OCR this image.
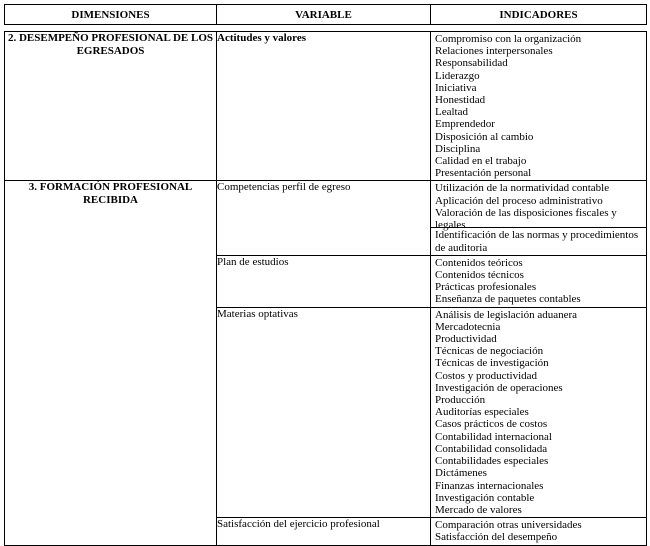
DIMENSIONES	VARIABLE	INDICADORES
2. DESEMPEÑO PROFESIONAL DE LOS EGRESADOS	Actitudes y valores	Compromiso con la organización
Relaciones interpersonales
Responsabilidad
Liderazgo
Iniciativa
Honestidad
Lealtad
Emprendedor
Disposición al cambio
Disciplina
Calidad en el trabajo
Presentación personal

3. FORMACIÓN PROFESIONAL RECIBIDA	Competencias perfil de egreso	Utilización de la normatividad contable
Aplicación del proceso administrativo
Valoración de las disposiciones fiscales y legales
Identificación de las normas y procedimientos de auditoria

	Plan de estudios	Contenidos teóricos
Contenidos técnicos
Prácticas profesionales
Enseñanza de paquetes contables

Materias optativas	Análisis de legislación aduanera
Mercadotecnia
Productividad
Técnicas de negociación
Técnicas de investigación
Costos y productividad
Investigación de operaciones
Producción
Auditorías especiales
Casos prácticos de costos
Contabilidad internacional
Contabilidad consolidada
Contabilidades especiales
Dictámenes
Finanzas internacionales
Investigación contable
Mercado de valores

	Satisfacción del ejercicio profesional	Comparación otras universidades
Satisfacción del desempeño
